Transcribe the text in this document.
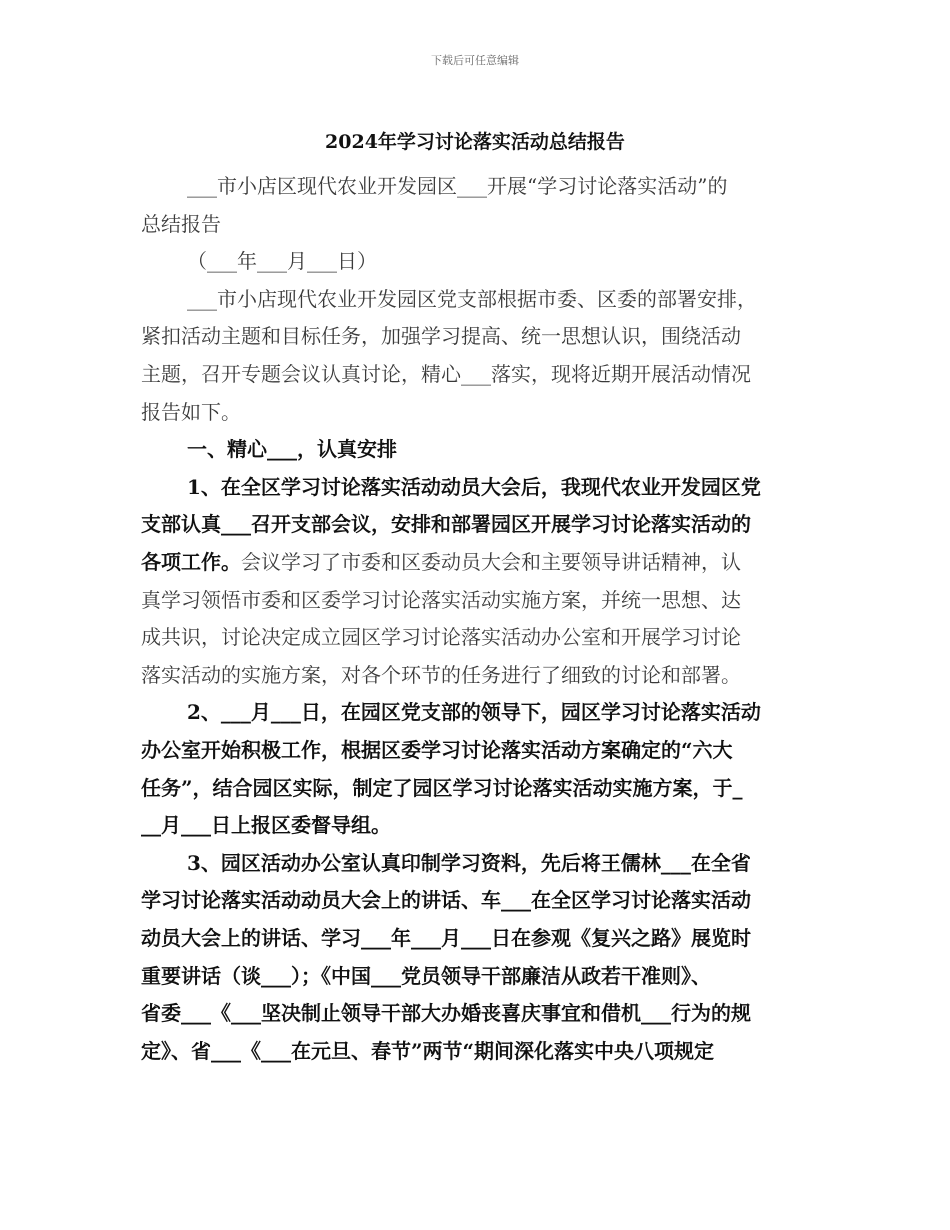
下载后可任意编辑
2024年学习讨论落实活动总结报告
___市小店区现代农业开发园区___开展“学习讨论落实活动”的
总结报告
（___年___月___日）
___市小店现代农业开发园区党支部根据市委、区委的部署安排，
紧扣活动主题和目标任务，加强学习提高、统一思想认识，围绕活动
主题，召开专题会议认真讨论，精心___落实，现将近期开展活动情况
报告如下。
一、精心___，认真安排
1、在全区学习讨论落实活动动员大会后，我现代农业开发园区党
支部认真___召开支部会议，安排和部署园区开展学习讨论落实活动的
各项工作。会议学习了市委和区委动员大会和主要领导讲话精神，认
真学习领悟市委和区委学习讨论落实活动实施方案，并统一思想、达
成共识，讨论决定成立园区学习讨论落实活动办公室和开展学习讨论
落实活动的实施方案，对各个环节的任务进行了细致的讨论和部署。
2、___月___日，在园区党支部的领导下，园区学习讨论落实活动
办公室开始积极工作，根据区委学习讨论落实活动方案确定的“六大
任务”，结合园区实际，制定了园区学习讨论落实活动实施方案，于_
__月___日上报区委督导组。
3、园区活动办公室认真印制学习资料，先后将王儒林___在全省
学习讨论落实活动动员大会上的讲话、车___在全区学习讨论落实活动
动员大会上的讲话、学习___年___月___日在参观《复兴之路》展览时
重要讲话（谈___）；《中国___党员领导干部廉洁从政若干准则》、
省委___《___坚决制止领导干部大办婚丧喜庆事宜和借机___行为的规
定》、省___《___在元旦、春节”两节“期间深化落实中央八项规定
